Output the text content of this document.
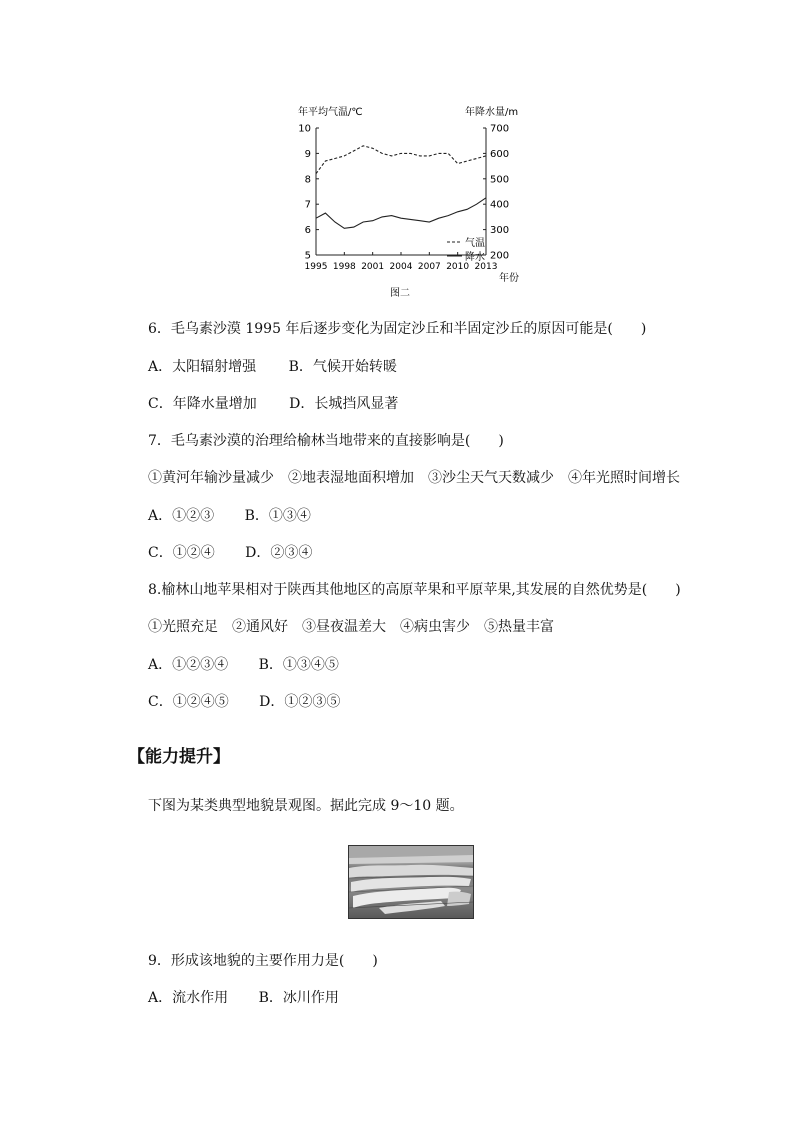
年平均气温/℃	年降水量/m
年份
图二
5
6
7
8
9
10
200
300
400
500
600
700
1995 1998 2001 2004 2007 2010 2013
气温
降水
6．毛乌素沙漠 1995 年后逐步变化为固定沙丘和半固定沙丘的原因可能是(　　)
A．太阳辐射增强 B．气候开始转暖
C．年降水量增加 D．长城挡风显著
7．毛乌素沙漠的治理给榆林当地带来的直接影响是(　　)
①黄河年输沙量减少　②地表湿地面积增加　③沙尘天气天数减少　④年光照时间增长
A．①②③ B．①③④
C．①②④ D．②③④
8.榆林山地苹果相对于陕西其他地区的高原苹果和平原苹果,其发展的自然优势是(　　)
①光照充足　②通风好　③昼夜温差大　④病虫害少　⑤热量丰富
A．①②③④ B．①③④⑤
C．①②④⑤ D．①②③⑤
【能力提升】
下图为某类典型地貌景观图。据此完成 9～10 题。
9．形成该地貌的主要作用力是(　　)
A．流水作用 B．冰川作用
